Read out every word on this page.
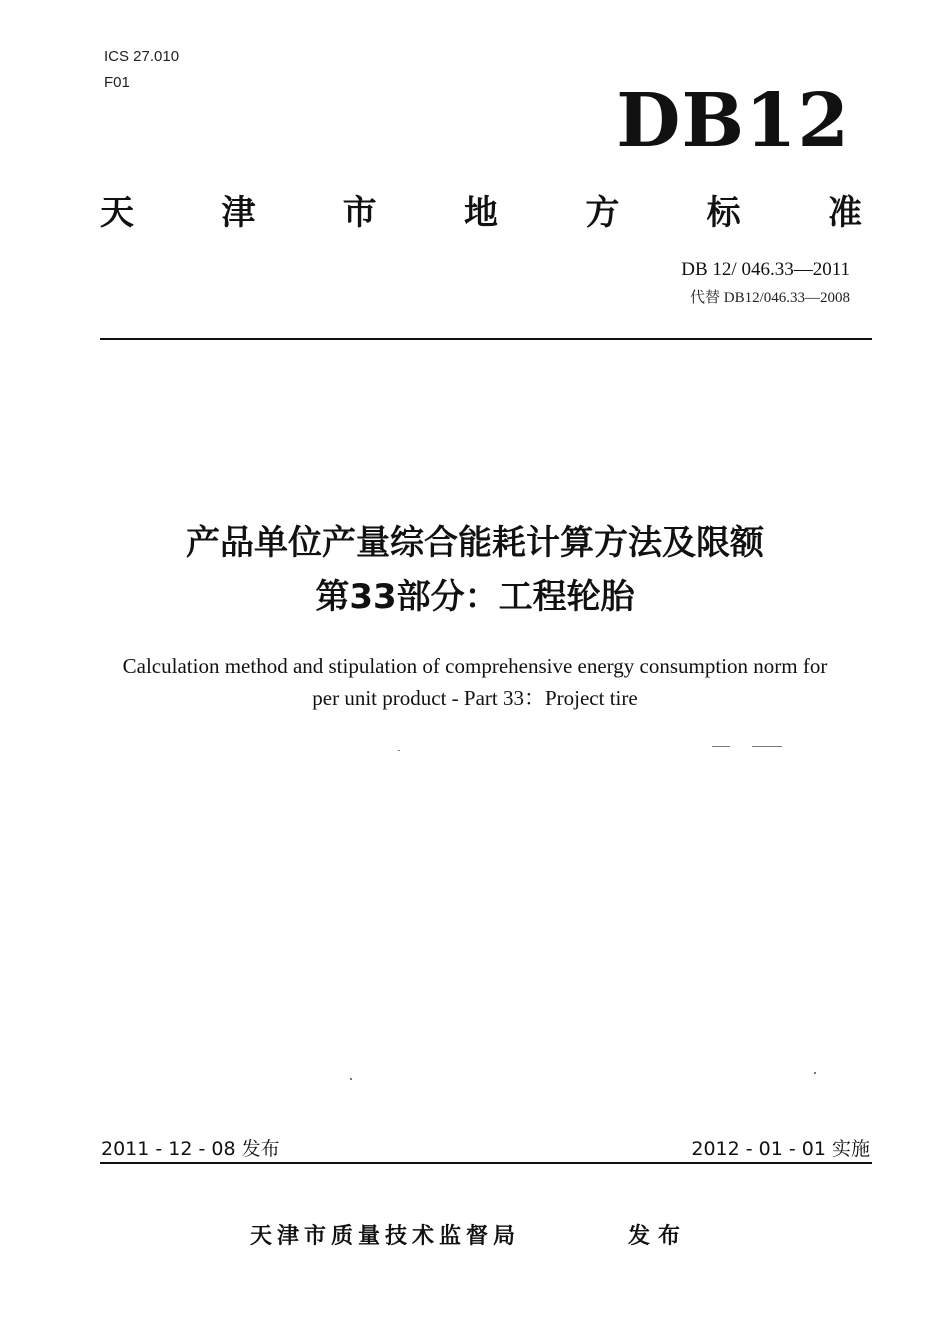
ICS 27.010
F01	DB12
天	津	市	地	方	标	准
DB 12/ 046.33—2011
代替 DB12/046.33—2008
产品单位产量综合能耗计算方法及限额
第33部分：工程轮胎
Calculation method and stipulation of comprehensive energy consumption norm for
per unit product - Part 33：Project tire
2011 - 12 - 08 发布	2012 - 01 - 01 实施
天津市质量技术监督局	发布
